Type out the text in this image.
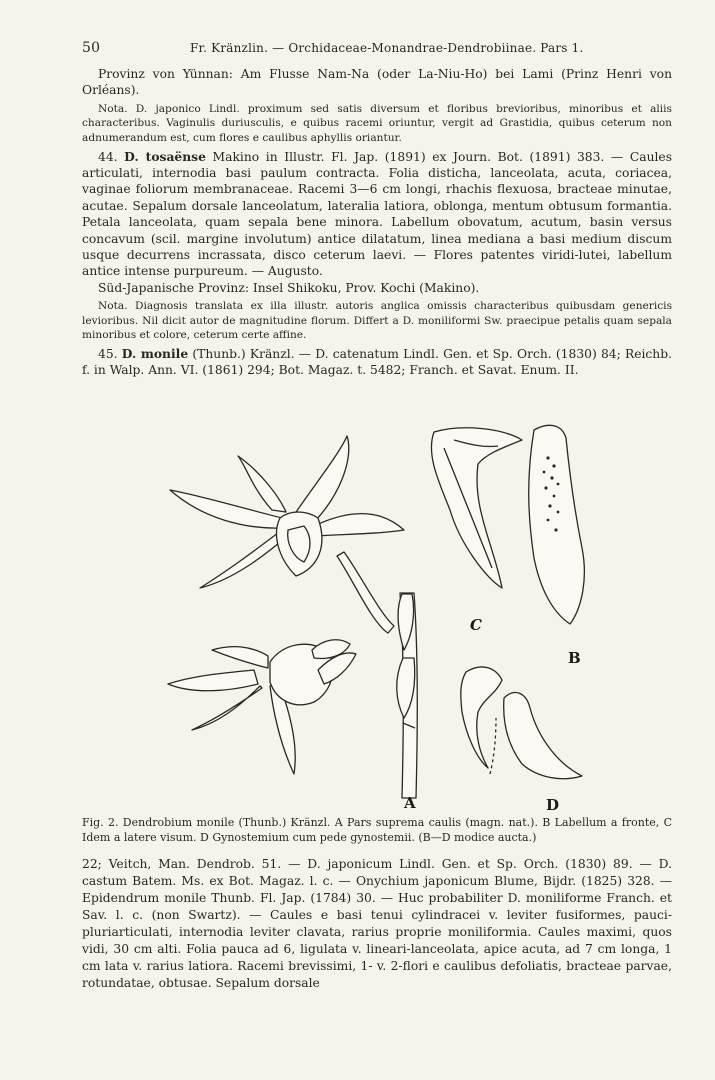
50	Fr. Kränzlin. — Orchidaceae-Monandrae-Dendrobiinae. Pars 1.

Provinz von Yünnan: Am Flusse Nam-Na (oder La-Niu-Ho) bei Lami (Prinz Henri von Orléans).

Nota. D. japonico Lindl. proximum sed satis diversum et floribus brevioribus, minoribus et aliis characteribus. Vaginulis duriusculis, e quibus racemi oriuntur, vergit ad Grastidia, quibus ceterum non adnumerandum est, cum flores e caulibus aphyllis oriantur.

44. D. tosaënse Makino in Illustr. Fl. Jap. (1891) ex Journ. Bot. (1891) 383. — Caules articulati, internodia basi paulum contracta. Folia disticha, lanceolata, acuta, coriacea, vaginae foliorum membranaceae. Racemi 3—6 cm longi, rhachis flexuosa, bracteae minutae, acutae. Sepalum dorsale lanceolatum, lateralia latiora, oblonga, mentum obtusum formantia. Petala lanceolata, quam sepala bene minora. Labellum obovatum, acutum, basin versus concavum (scil. margine involutum) antice dilatatum, linea mediana a basi medium discum usque decurrens incrassata, disco ceterum laevi. — Flores patentes viridi-lutei, labellum antice intense purpureum. — Augusto.

Süd-Japanische Provinz: Insel Shikoku, Prov. Kochi (Makino).

Nota. Diagnosis translata ex illa illustr. autoris anglica omissis characteribus quibusdam genericis levioribus. Nil dicit autor de magnitudine florum. Differt a D. moniliformi Sw. praecipue petalis quam sepala minoribus et colore, ceterum certe affine.

45. D. monile (Thunb.) Kränzl. — D. catenatum Lindl. Gen. et Sp. Orch. (1830) 84; Reichb. f. in Walp. Ann. VI. (1861) 294; Bot. Magaz. t. 5482; Franch. et Savat. Enum. II.

A
B
C
D
Fig. 2. Dendrobium monile (Thunb.) Kränzl. A Pars suprema caulis (magn. nat.). B Labellum a fronte, C Idem a latere visum. D Gynostemium cum pede gynostemii. (B—D modice aucta.)

22; Veitch, Man. Dendrob. 51. — D. japonicum Lindl. Gen. et Sp. Orch. (1830) 89. — D. castum Batem. Ms. ex Bot. Magaz. l. c. — Onychium japonicum Blume, Bijdr. (1825) 328. — Epidendrum monile Thunb. Fl. Jap. (1784) 30. — Huc probabiliter D. moniliforme Franch. et Sav. l. c. (non Swartz). — Caules e basi tenui cylindracei v. leviter fusiformes, pauci-pluriarticulati, internodia leviter clavata, rarius proprie moniliformia. Caules maximi, quos vidi, 30 cm alti. Folia pauca ad 6, ligulata v. lineari-lanceolata, apice acuta, ad 7 cm longa, 1 cm lata v. rarius latiora. Racemi brevissimi, 1- v. 2-flori e caulibus defoliatis, bracteae parvae, rotundatae, obtusae. Sepalum dorsale
